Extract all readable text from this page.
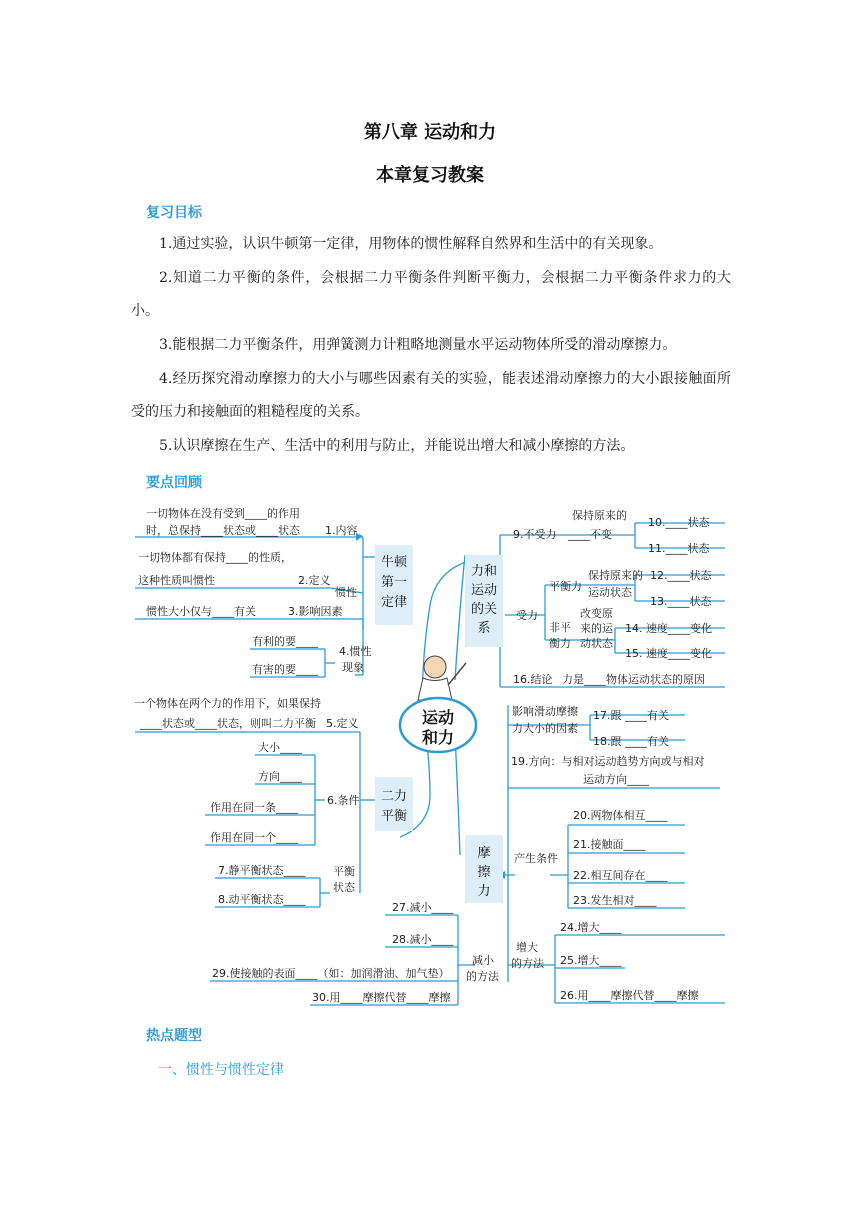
第八章 运动和力
本章复习教案
复习目标
1.通过实验，认识牛顿第一定律，用物体的惯性解释自然界和生活中的有关现象。
2.知道二力平衡的条件，会根据二力平衡条件判断平衡力，会根据二力平衡条件求力的大小。
3.能根据二力平衡条件，用弹簧测力计粗略地测量水平运动物体所受的滑动摩擦力。
4.经历探究滑动摩擦力的大小与哪些因素有关的实验，能表述滑动摩擦力的大小跟接触面所受的压力和接触面的粗糙程度的关系。
5.认识摩擦在生产、生活中的利用与防止，并能说出增大和减小摩擦的方法。
要点回顾
运动
和力
牛顿
第一
定律
一切物体在没有受到____的作用
时，总保持____状态或____状态 1.内容
一切物体都有保持____的性质，
这种性质叫惯性	2.定义
惯性
惯性大小仅与____有关	3.影响因素
有利的要____
有害的要____
4.惯性
现象
二力
平衡
一个物体在两个力的作用下，如果保持
____状态或____状态，则叫二力平衡 5.定义
大小____
方向____
作用在同一条____
作用在同一个____
6.条件
7.静平衡状态____
8.动平衡状态____
平衡
状态
力和
运动
的关
系
9.不受力
保持原来的
____不变
10.____状态
11.____状态
受力
平衡力
保持原来的
运动状态
12.____状态
13.____状态
非平
衡力
改变原
来的运
动状态
14. 速度____变化
15. 速度____变化
16.结论 力是____物体运动状态的原因
摩
擦
力
影响滑动摩擦
力大小的因素
17.跟 ____有关
18.跟 ____有关
19.方向：与相对运动趋势方向或与相对
运动方向____
产生条件
20.两物体相互____
21.接触面____
22.相互间存在____
23.发生相对____
增大
的方法
24.增大____
25.增大____
26.用____摩擦代替____摩擦
减小
的方法
27.减小____
28.减小____
29.使接触的表面____（如：加润滑油、加气垫）
30.用____摩擦代替____摩擦
热点题型
一、惯性与惯性定律
